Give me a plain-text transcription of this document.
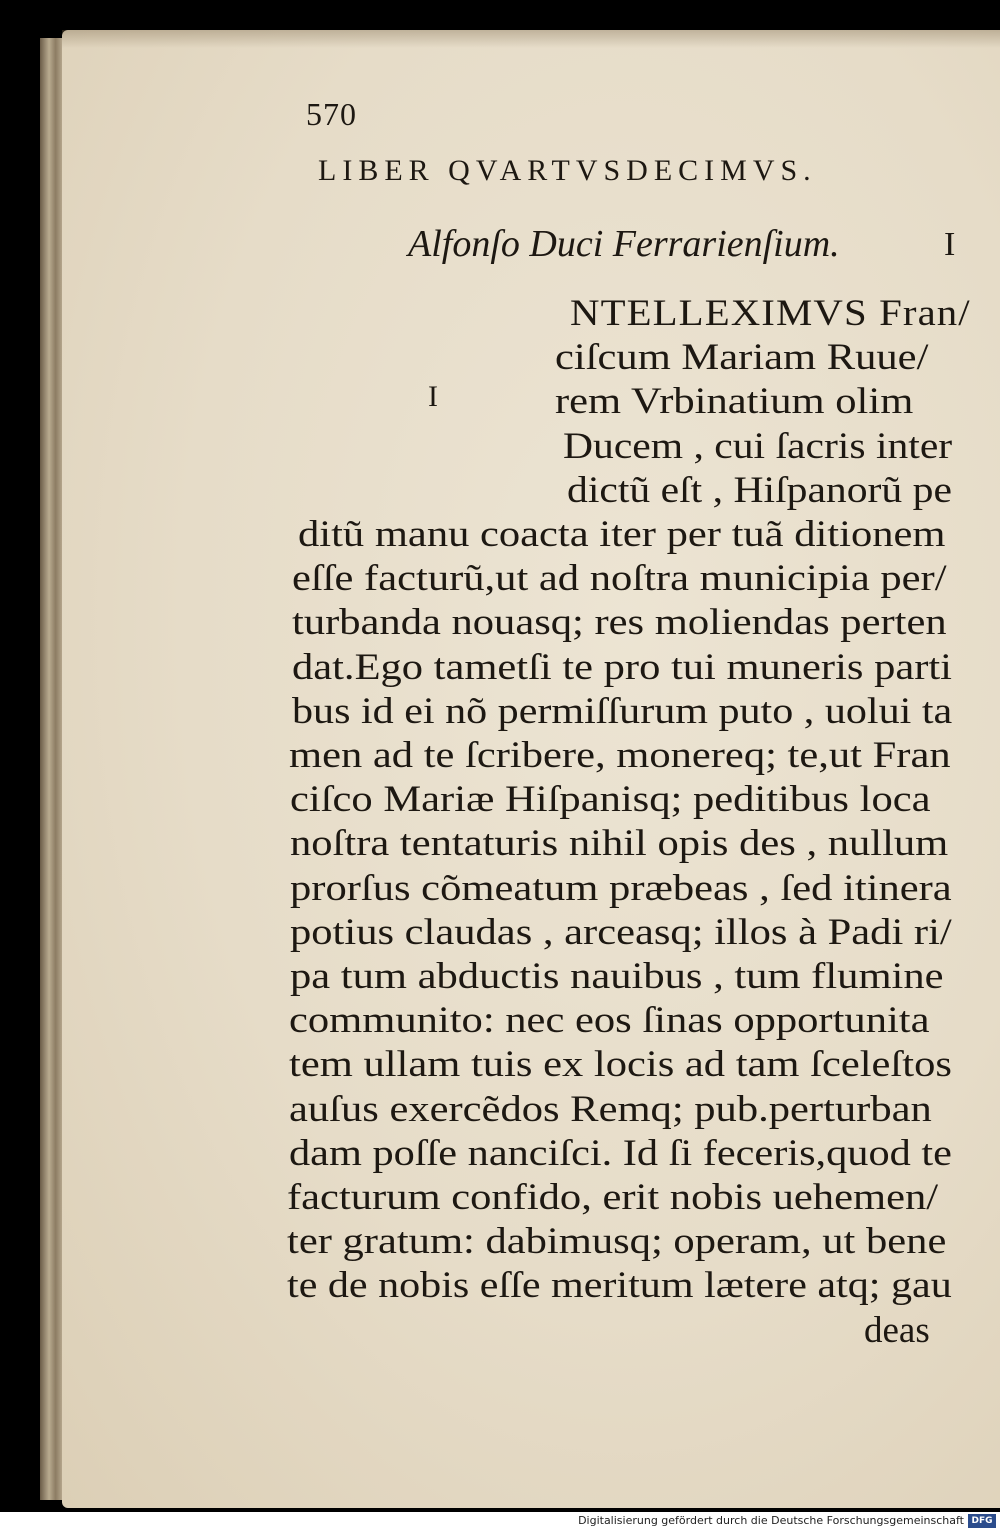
570
LIBER QVARTVSDECIMVS.
Alfonſo Duci Ferrarienſium.	I
I
NTELLEXIMVS Fran/
ciſcum Mariam Ruue/
rem Vrbinatium olim
Ducem , cui ſacris inter
dictũ eſt , Hiſpanorũ pe
ditũ manu coacta iter per tuã ditionem
eſſe facturũ,ut ad noſtra municipia per/
turbanda nouasq; res moliendas perten
dat.Ego tametſi te pro tui muneris parti
bus id ei nõ permiſſurum puto , uolui ta
men ad te ſcribere, monereq; te,ut Fran
ciſco Mariæ Hiſpanisq; peditibus loca
noſtra tentaturis nihil opis des , nullum
prorſus cõmeatum præbeas , ſed itinera
potius claudas , arceasq; illos à Padi ri/
pa tum abductis nauibus , tum flumine
communito: nec eos ſinas opportunita
tem ullam tuis ex locis ad tam ſceleſtos
auſus exercẽdos Remq; pub.perturban
dam poſſe nanciſci. Id ſi feceris,quod te
facturum confido, erit nobis uehemen/
ter gratum: dabimusq; operam, ut bene
te de nobis eſſe meritum lætere atq; gau
deas
Digitalisierung gefördert durch die Deutsche Forschungsgemeinschaft DFG
